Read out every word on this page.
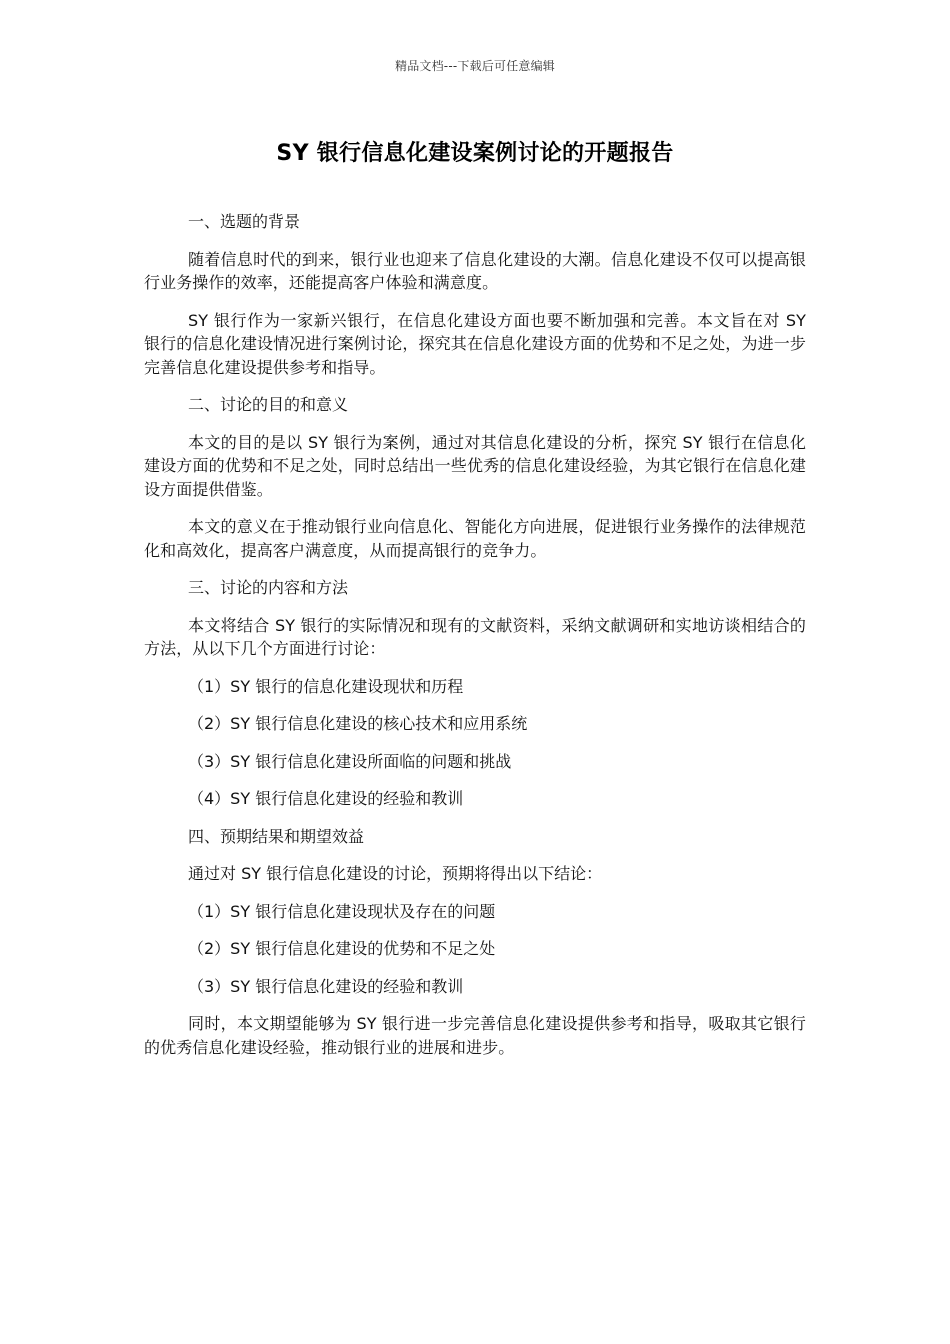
精品文档---下载后可任意编辑
SY 银行信息化建设案例讨论的开题报告
一、选题的背景

随着信息时代的到来，银行业也迎来了信息化建设的大潮。信息化建设不仅可以提高银行业务操作的效率，还能提高客户体验和满意度。

SY 银行作为一家新兴银行，在信息化建设方面也要不断加强和完善。本文旨在对 SY 银行的信息化建设情况进行案例讨论，探究其在信息化建设方面的优势和不足之处，为进一步完善信息化建设提供参考和指导。

二、讨论的目的和意义

本文的目的是以 SY 银行为案例，通过对其信息化建设的分析，探究 SY 银行在信息化建设方面的优势和不足之处，同时总结出一些优秀的信息化建设经验，为其它银行在信息化建设方面提供借鉴。

本文的意义在于推动银行业向信息化、智能化方向进展，促进银行业务操作的法律规范化和高效化，提高客户满意度，从而提高银行的竞争力。

三、讨论的内容和方法

本文将结合 SY 银行的实际情况和现有的文献资料，采纳文献调研和实地访谈相结合的方法，从以下几个方面进行讨论：

（1）SY 银行的信息化建设现状和历程
（2）SY 银行信息化建设的核心技术和应用系统
（3）SY 银行信息化建设所面临的问题和挑战
（4）SY 银行信息化建设的经验和教训
四、预期结果和期望效益
通过对 SY 银行信息化建设的讨论，预期将得出以下结论：
（1）SY 银行信息化建设现状及存在的问题
（2）SY 银行信息化建设的优势和不足之处
（3）SY 银行信息化建设的经验和教训

同时，本文期望能够为 SY 银行进一步完善信息化建设提供参考和指导，吸取其它银行的优秀信息化建设经验，推动银行业的进展和进步。
